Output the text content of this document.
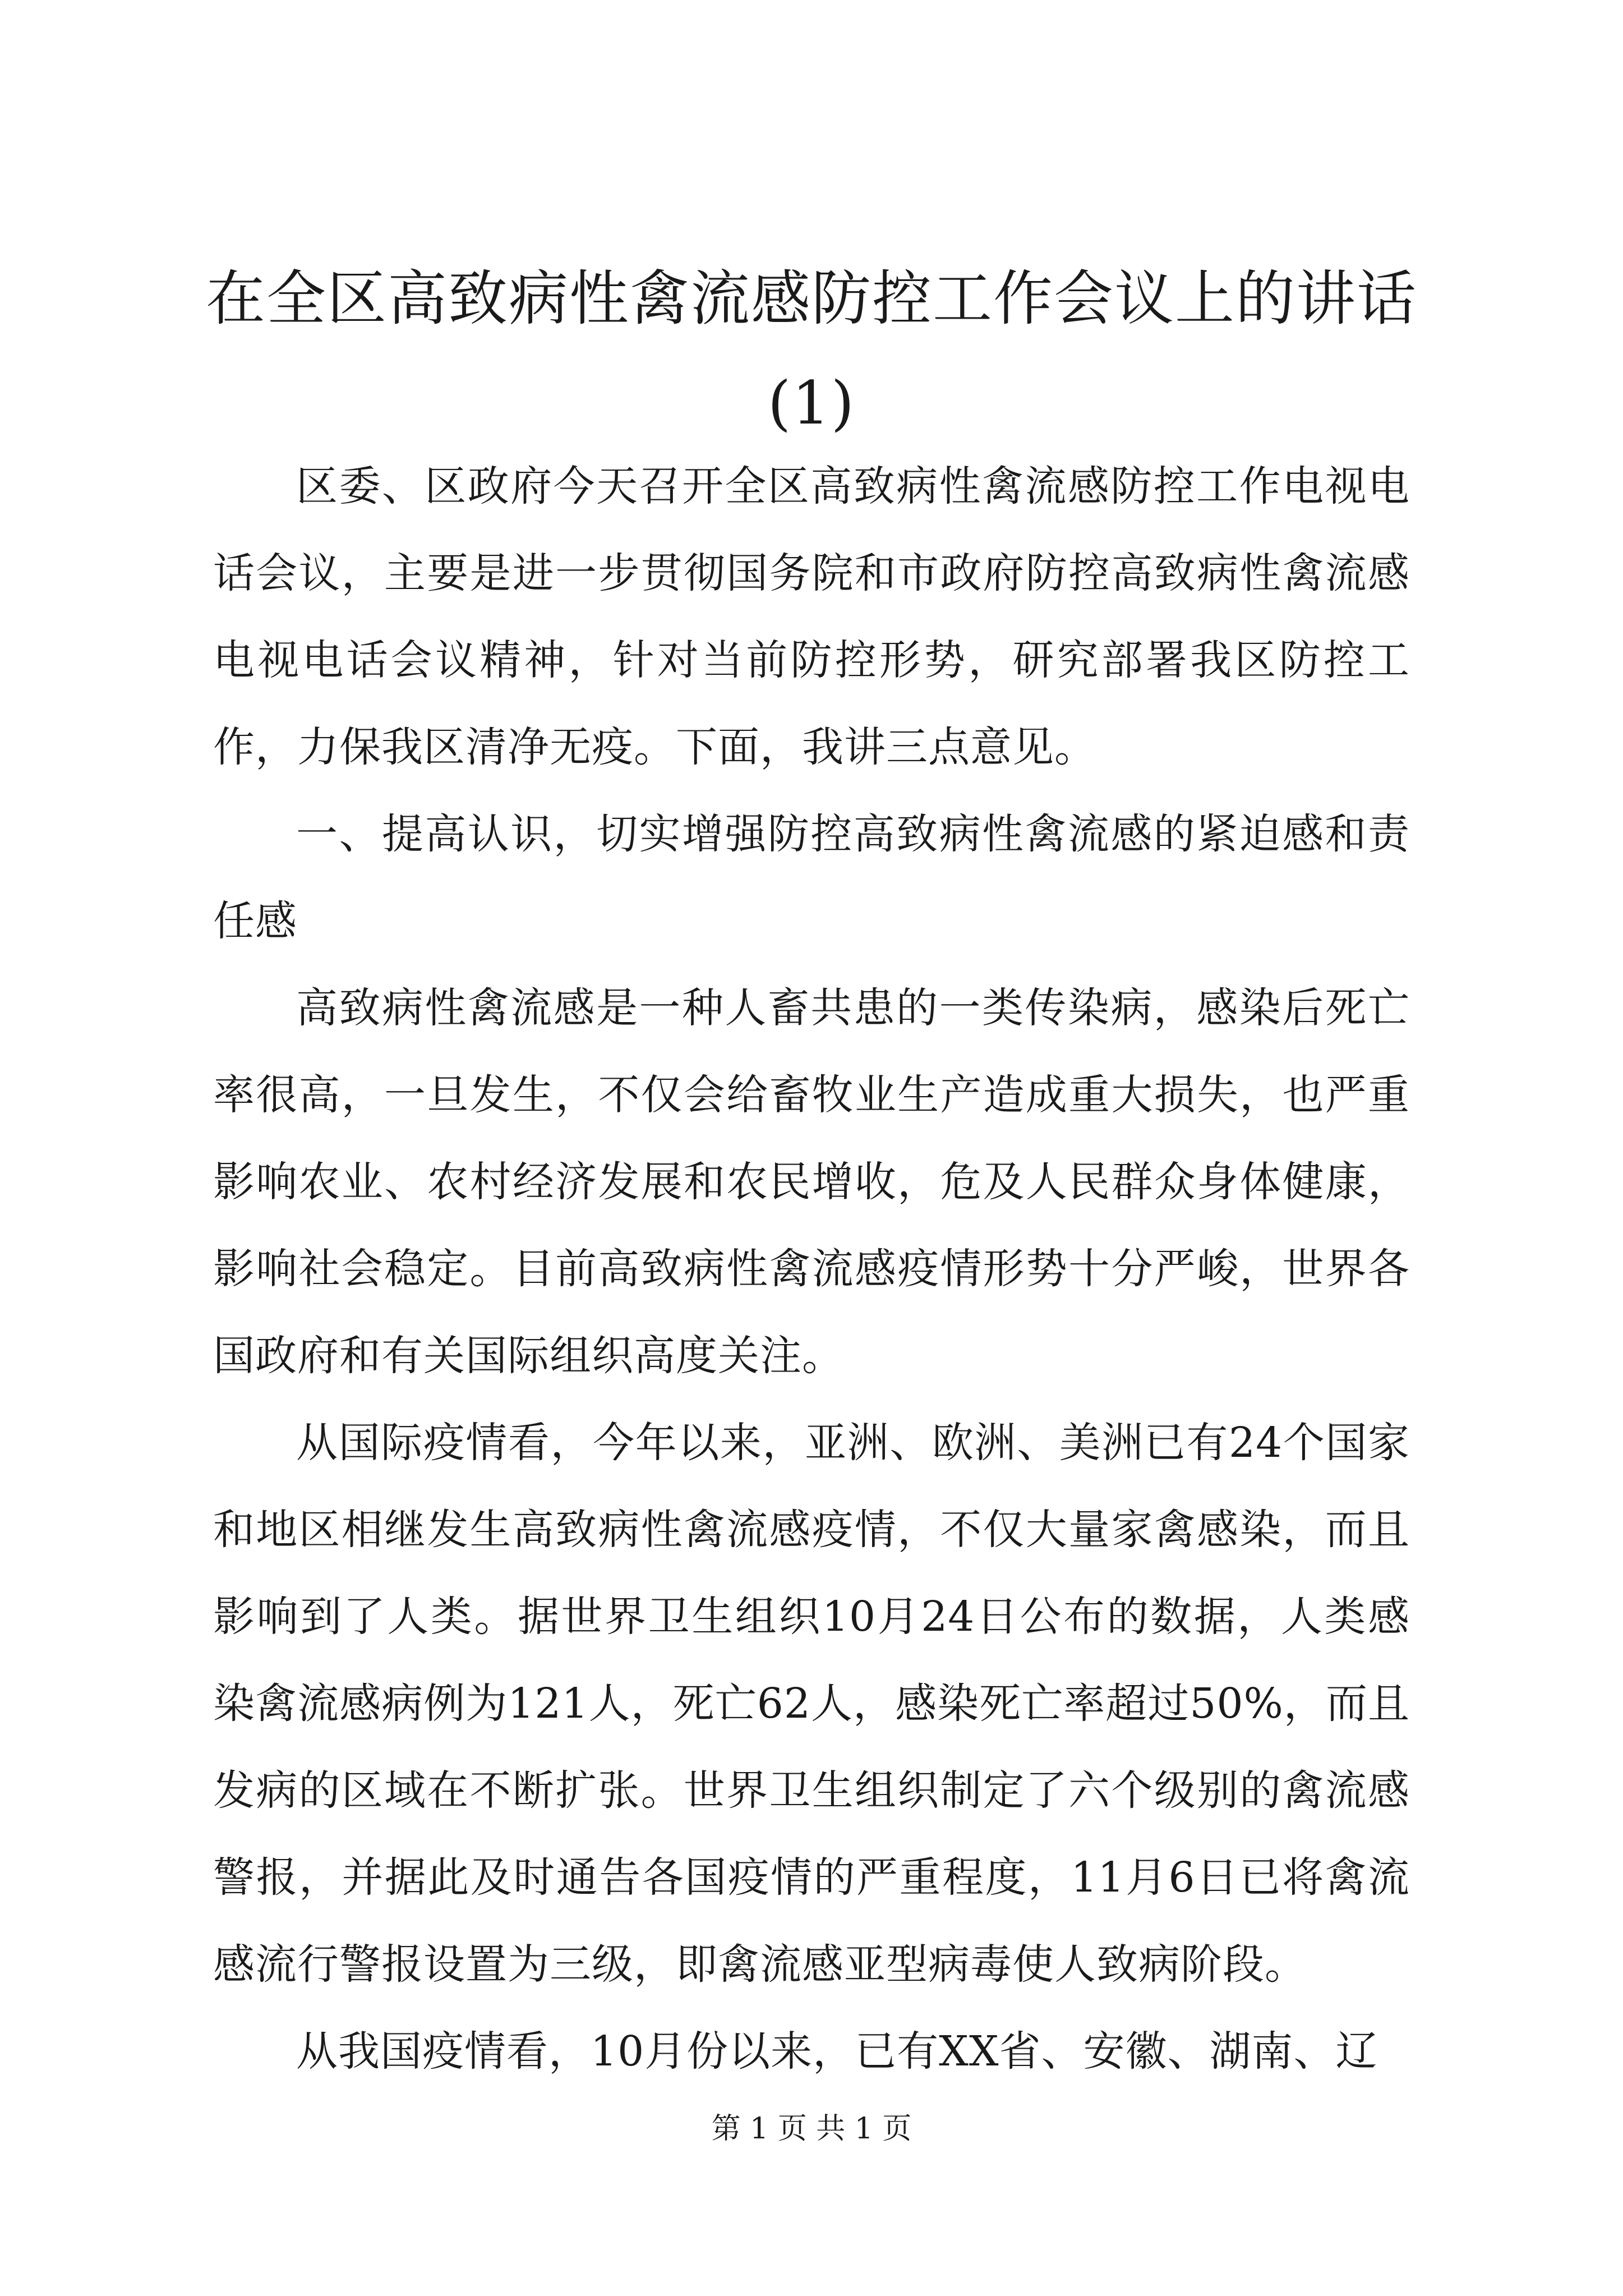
在全区高致病性禽流感防控工作会议上的讲话(1)

区委、区政府今天召开全区高致病性禽流感防控工作电视电话会议，主要是进一步贯彻国务院和市政府防控高致病性禽流感电视电话会议精神，针对当前防控形势，研究部署我区防控工作，力保我区清净无疫。下面，我讲三点意见。

一、提高认识，切实增强防控高致病性禽流感的紧迫感和责任感

高致病性禽流感是一种人畜共患的一类传染病，感染后死亡率很高，一旦发生，不仅会给畜牧业生产造成重大损失，也严重影响农业、农村经济发展和农民增收，危及人民群众身体健康，影响社会稳定。目前高致病性禽流感疫情形势十分严峻，世界各国政府和有关国际组织高度关注。

从国际疫情看，今年以来，亚洲、欧洲、美洲已有24个国家和地区相继发生高致病性禽流感疫情，不仅大量家禽感染，而且影响到了人类。据世界卫生组织10月24日公布的数据，人类感染禽流感病例为121人，死亡62人，感染死亡率超过50%，而且发病的区域在不断扩张。世界卫生组织制定了六个级别的禽流感警报，并据此及时通告各国疫情的严重程度，11月6日已将禽流感流行警报设置为三级，即禽流感亚型病毒使人致病阶段。

从我国疫情看，10月份以来，已有XX省、安徽、湖南、辽

第 1 页 共 1 页
